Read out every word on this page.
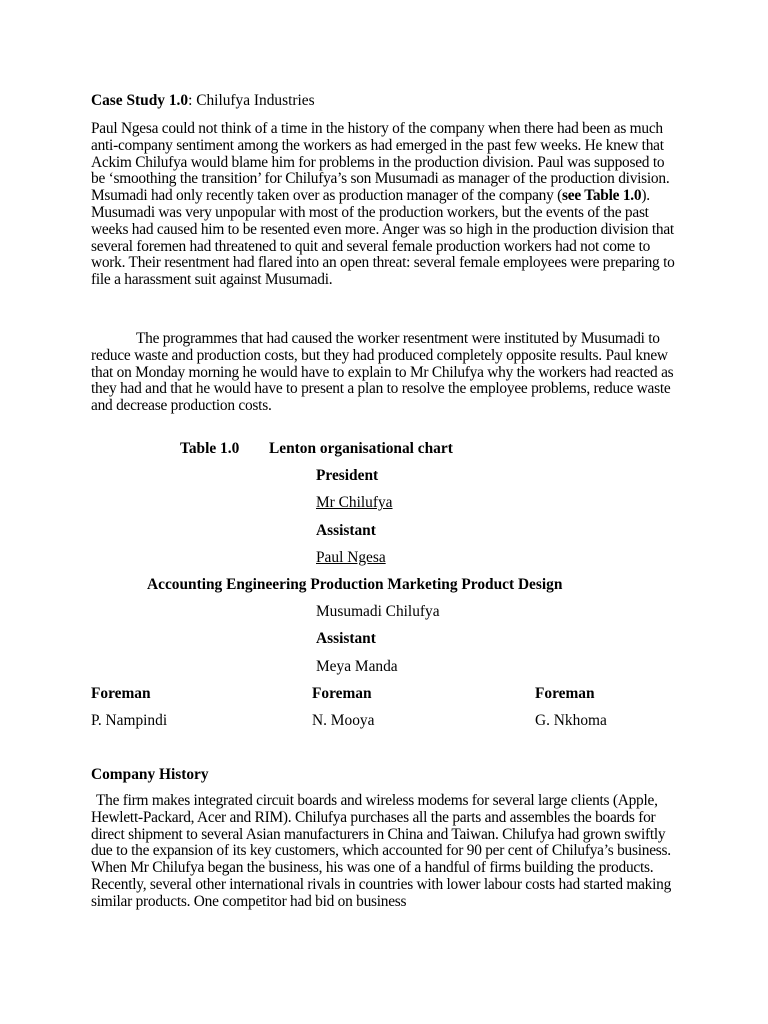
Case Study 1.0: Chilufya Industries

Paul Ngesa could not think of a time in the history of the company when there had been as much anti-company sentiment among the workers as had emerged in the past few weeks. He knew that Ackim Chilufya would blame him for problems in the production division. Paul was supposed to be ‘smoothing the transition’ for Chilufya’s son Musumadi as manager of the production division. Msumadi had only recently taken over as production manager of the company (see Table 1.0). Musumadi was very unpopular with most of the production workers, but the events of the past weeks had caused him to be resented even more. Anger was so high in the production division that several foremen had threatened to quit and several female production workers had not come to work. Their resentment had flared into an open threat: several female employees were preparing to file a harassment suit against Musumadi.

The programmes that had caused the worker resentment were instituted by Musumadi to reduce waste and production costs, but they had produced completely opposite results. Paul knew that on Monday morning he would have to explain to Mr Chilufya why the workers had reacted as they had and that he would have to present a plan to resolve the employee problems, reduce waste and decrease production costs.

Table 1.0 Lenton organisational chart
President
Mr Chilufya
Assistant
Paul Ngesa
Accounting Engineering Production Marketing Product Design
Musumadi Chilufya
Assistant
Meya Manda
Foreman	Foreman	Foreman
P. Nampindi	N. Mooya	G. Nkhoma
Company History

The firm makes integrated circuit boards and wireless modems for several large clients (Apple, Hewlett-Packard, Acer and RIM). Chilufya purchases all the parts and assembles the boards for direct shipment to several Asian manufacturers in China and Taiwan. Chilufya had grown swiftly due to the expansion of its key customers, which accounted for 90 per cent of Chilufya’s business. When Mr Chilufya began the business, his was one of a handful of firms building the products. Recently, several other international rivals in countries with lower labour costs had started making similar products. One competitor had bid on business
